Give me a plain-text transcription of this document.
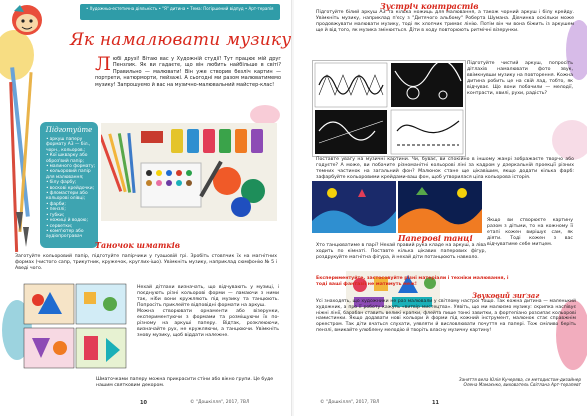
• Художньо-естетична діяльність • "Я" дитина • Тема: Погіршений відпуд • Арт-терапія
Як намалювати музику
Л юбі друзі! Вітаю вас у Художній студії! Тут працює мій друг Пензлик. Як ви гадаєте, що він любить найбільше в світі? Правильно — малювати! Він уже створив безліч картин — портрети, натюрморти, пейзажі. А сьогодні ми разом малюватимемо музику! Запрошуємо й вас на музично-малювальний майстер-клас!
Підготуйте
• аркуш паперу формату А3 — біл., чорн., кольоров.;
• Кої шкварку або оброз'вий папір;
• малиного формату;
• кольоровий папір для малювання;
• білу фарбу;
• воскові крейдочки;
• фломастери або кольорові олівці;
• фарби;
• пензлі;
• губки;
• ножиці й водою;
• серветки;
• комп'ютер або аудіопрогравач
Таночок шматків
Заготуйте кольоровий папір, підготуйте папірчики у гуашовій грі. Зробіть стовпчик їх на магнітних формах (чистого сапр, трикутник, кружечок, круглих-ішо). Увімкніть музику, наприклад сюмфонію № 5 і Аведі чого.
Нехай дітлахи визначать, що відчувають у музиці, і поєднують різні кольорові форми — ламаючи з ними так, ніби вони кружляють під музику та танцюють. Попросіть приклейте відповідні формати на аркуш.
Можна створювати орнаменти або візерунки, експериментуючи з формами та розміщуючи їх по-різному на аркуші паперу. Відтак, розклеюючи, визначайте рух, не кружляючи, а танцюючи. Увімкніть знову музику, щоб віддати належне.
Шматочками паперу можна прикрасити стіни або вікно групи. Це буде нашим святковим декором.
10	© "Дошкілля", 2017, 7ВЛ
Зустріч контрастів
Підготуйте білий аркуш А3 та кілька ножиць для малювання, а також чорний аркуш і білу крейду. Увімкніть музику, наприклад п'єсу з "Дитячого альбому" Роберта Шумана. Дівчинка оскільки може продовжувати малювати музику, тоді як хлопчик тримає лінію. Потім він чи вона біжить із аркушем ще й від того, як музика змінюється. Діти в ходу повторюють ритмічні візерунки.
Підготуйте чистий аркуш, попросіть дітлахів намалювати фото звук, ввімкнувши музику на повторення. Кожна дитина робить це на свій лад, тобто, як відчуває. Що вони побачили — мелодії, контрасти, хвилі, рухи, радість?
Поставте увагу на музичні картини. Чи, буває, ви спокійно в іншому жанрі зображаєте творчо або годуєте? А може, ви побачите різноманітні кольорові ліні за кадром у дзеркальній проекції різних темних частинок на загальний фон? Малюнок стане ще цікавішим, якщо додати кілька фарб: зафарбуйте кольоровими крейдами-ваш фон, щоб утворилася ціла кольорова історія.
Якщо ви створюєте картину разом з дітьми, то на кожному її етапі кожен вирішує сам, як діяти. Тоді кожен з вас відчуватиме себе митцем.
Паперові танці
Хто танцюватиме в парі? Нехай правий рука кладе на аркуш, а ліва ходить по кімнаті. Поставте кілька цікавих паперових фігур, роздрукуйте магнітна фігура, й нехай діти потанцюють навколо.
Експериментуйте, застосовуйте різні матеріали і техніки малювання, і тоді ваші фантазії не матимуть меж!
Звуковий зиґзаг
Усі знаходять, що художники не раз малювали у світлому настрої тощо. Так кожна дитина — маленький художник, а про її роботу кажуть «витвір мистецтва». Уявіть, що ми малюємо музику: скрипка наспівує ніжні лінії, барабан ставить великі крапки, флейта пише тонкі завитки, а фортепіано розсипає кольорові намистинки. Якщо додавати нові кольори й форми під кожний інструмент, малюнок стає справжнім оркестром. Так діти вчаться слухати, уявляти й висловлювати почуття на папері. Тож сміливо беріть пензлі, вмикайте улюблену мелодію й творіть власну музичну картину!
Заняття вела Юлія Кучерява, се методистом-дизайнер Олена Мамаєнко, вихователь Світлана Арт-терапевт
11
© "Дошкілля", 2017, 7ВЛ
